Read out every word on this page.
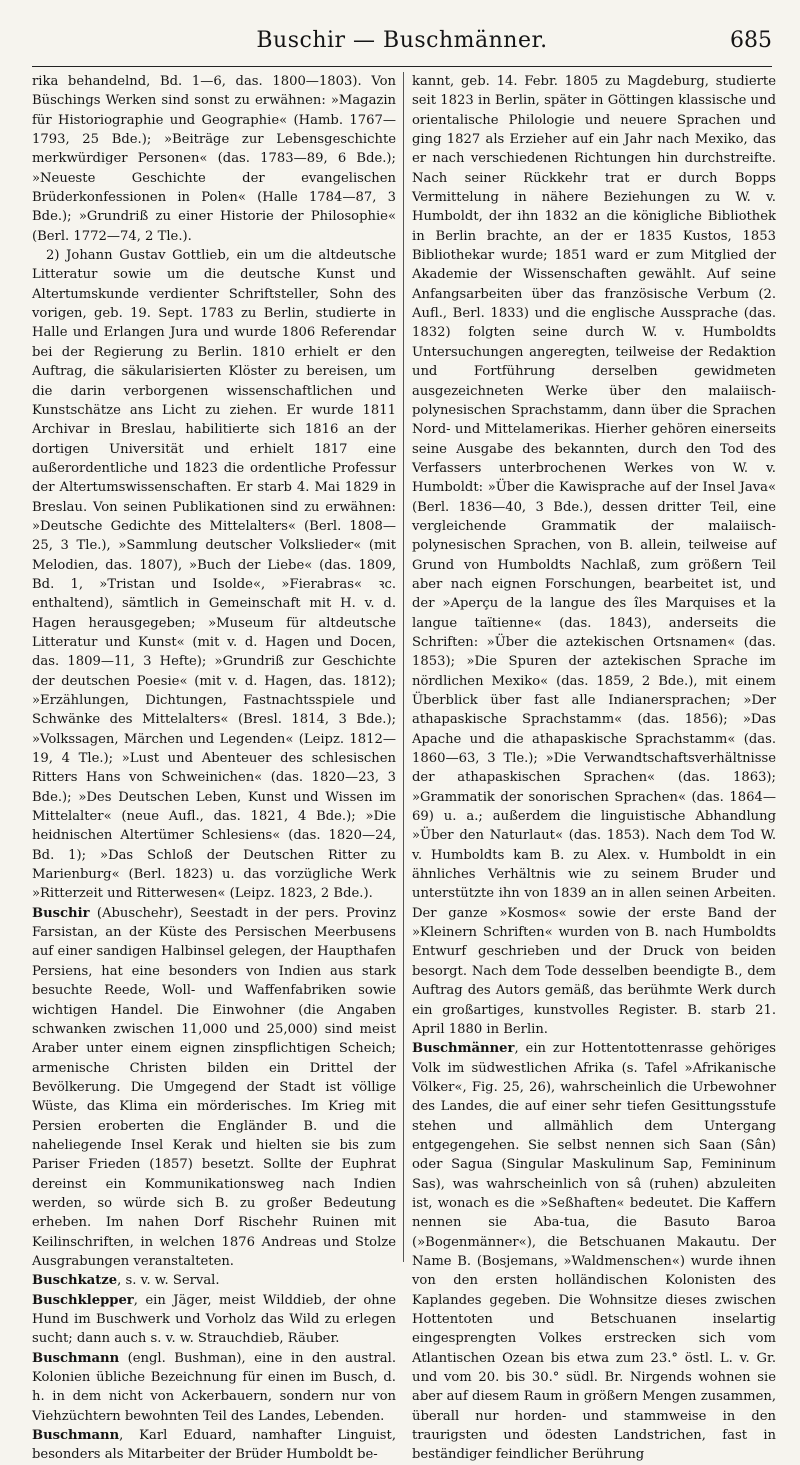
Buschir — Buschmänner.	685

rika behandelnd, Bd. 1—6, das. 1800—1803). Von Büschings Werken sind sonst zu erwähnen: »Magazin für Historiographie und Geographie« (Hamb. 1767—1793, 25 Bde.); »Beiträge zur Lebensgeschichte merkwürdiger Personen« (das. 1783—89, 6 Bde.); »Neueste Geschichte der evangelischen Brüderkonfessionen in Polen« (Halle 1784—87, 3 Bde.); »Grundriß zu einer Historie der Philosophie« (Berl. 1772—74, 2 Tle.).

2) Johann Gustav Gottlieb, ein um die altdeutsche Litteratur sowie um die deutsche Kunst und Altertumskunde verdienter Schriftsteller, Sohn des vorigen, geb. 19. Sept. 1783 zu Berlin, studierte in Halle und Erlangen Jura und wurde 1806 Referendar bei der Regierung zu Berlin. 1810 erhielt er den Auftrag, die säkularisierten Klöster zu bereisen, um die darin verborgenen wissenschaftlichen und Kunstschätze ans Licht zu ziehen. Er wurde 1811 Archivar in Breslau, habilitierte sich 1816 an der dortigen Universität und erhielt 1817 eine außerordentliche und 1823 die ordentliche Professur der Altertumswissenschaften. Er starb 4. Mai 1829 in Breslau. Von seinen Publikationen sind zu erwähnen: »Deutsche Gedichte des Mittelalters« (Berl. 1808—25, 3 Tle.), »Sammlung deutscher Volkslieder« (mit Melodien, das. 1807), »Buch der Liebe« (das. 1809, Bd. 1, »Tristan und Isolde«, »Fierabras« ꝛc. enthaltend), sämtlich in Gemeinschaft mit H. v. d. Hagen herausgegeben; »Museum für altdeutsche Litteratur und Kunst« (mit v. d. Hagen und Docen, das. 1809—11, 3 Hefte); »Grundriß zur Geschichte der deutschen Poesie« (mit v. d. Hagen, das. 1812); »Erzählungen, Dichtungen, Fastnachtsspiele und Schwänke des Mittelalters« (Bresl. 1814, 3 Bde.); »Volkssagen, Märchen und Legenden« (Leipz. 1812—19, 4 Tle.); »Lust und Abenteuer des schlesischen Ritters Hans von Schweinichen« (das. 1820—23, 3 Bde.); »Des Deutschen Leben, Kunst und Wissen im Mittelalter« (neue Aufl., das. 1821, 4 Bde.); »Die heidnischen Altertümer Schlesiens« (das. 1820—24, Bd. 1); »Das Schloß der Deutschen Ritter zu Marienburg« (Berl. 1823) u. das vorzügliche Werk »Ritterzeit und Ritterwesen« (Leipz. 1823, 2 Bde.).

Buschir (Abuschehr), Seestadt in der pers. Provinz Farsistan, an der Küste des Persischen Meerbusens auf einer sandigen Halbinsel gelegen, der Haupthafen Persiens, hat eine besonders von Indien aus stark besuchte Reede, Woll- und Waffenfabriken sowie wichtigen Handel. Die Einwohner (die Angaben schwanken zwischen 11,000 und 25,000) sind meist Araber unter einem eignen zinspflichtigen Scheich; armenische Christen bilden ein Drittel der Bevölkerung. Die Umgegend der Stadt ist völlige Wüste, das Klima ein mörderisches. Im Krieg mit Persien eroberten die Engländer B. und die naheliegende Insel Kerak und hielten sie bis zum Pariser Frieden (1857) besetzt. Sollte der Euphrat dereinst ein Kommunikationsweg nach Indien werden, so würde sich B. zu großer Bedeutung erheben. Im nahen Dorf Rischehr Ruinen mit Keilinschriften, in welchen 1876 Andreas und Stolze Ausgrabungen veranstalteten.

Buschkatze, s. v. w. Serval.

Buschklepper, ein Jäger, meist Wilddieb, der ohne Hund im Buschwerk und Vorholz das Wild zu erlegen sucht; dann auch s. v. w. Strauchdieb, Räuber.

Buschmann (engl. Bushman), eine in den austral. Kolonien übliche Bezeichnung für einen im Busch, d. h. in dem nicht von Ackerbauern, sondern nur von Viehzüchtern bewohnten Teil des Landes, Lebenden.

Buschmann, Karl Eduard, namhafter Linguist, besonders als Mitarbeiter der Brüder Humboldt be-

kannt, geb. 14. Febr. 1805 zu Magdeburg, studierte seit 1823 in Berlin, später in Göttingen klassische und orientalische Philologie und neuere Sprachen und ging 1827 als Erzieher auf ein Jahr nach Mexiko, das er nach verschiedenen Richtungen hin durchstreifte. Nach seiner Rückkehr trat er durch Bopps Vermittelung in nähere Beziehungen zu W. v. Humboldt, der ihn 1832 an die königliche Bibliothek in Berlin brachte, an der er 1835 Kustos, 1853 Bibliothekar wurde; 1851 ward er zum Mitglied der Akademie der Wissenschaften gewählt. Auf seine Anfangsarbeiten über das französische Verbum (2. Aufl., Berl. 1833) und die englische Aussprache (das. 1832) folgten seine durch W. v. Humboldts Untersuchungen angeregten, teilweise der Redaktion und Fortführung derselben gewidmeten ausgezeichneten Werke über den malaiisch-polynesischen Sprachstamm, dann über die Sprachen Nord- und Mittelamerikas. Hierher gehören einerseits seine Ausgabe des bekannten, durch den Tod des Verfassers unterbrochenen Werkes von W. v. Humboldt: »Über die Kawisprache auf der Insel Java« (Berl. 1836—40, 3 Bde.), dessen dritter Teil, eine vergleichende Grammatik der malaiisch-polynesischen Sprachen, von B. allein, teilweise auf Grund von Humboldts Nachlaß, zum größern Teil aber nach eignen Forschungen, bearbeitet ist, und der »Aperçu de la langue des îles Marquises et la langue taïtienne« (das. 1843), anderseits die Schriften: »Über die aztekischen Ortsnamen« (das. 1853); »Die Spuren der aztekischen Sprache im nördlichen Mexiko« (das. 1859, 2 Bde.), mit einem Überblick über fast alle Indianersprachen; »Der athapaskische Sprachstamm« (das. 1856); »Das Apache und die athapaskische Sprachstamm« (das. 1860—63, 3 Tle.); »Die Verwandtschaftsverhältnisse der athapaskischen Sprachen« (das. 1863); »Grammatik der sonorischen Sprachen« (das. 1864—69) u. a.; außerdem die linguistische Abhandlung »Über den Naturlaut« (das. 1853). Nach dem Tod W. v. Humboldts kam B. zu Alex. v. Humboldt in ein ähnliches Verhältnis wie zu seinem Bruder und unterstützte ihn von 1839 an in allen seinen Arbeiten. Der ganze »Kosmos« sowie der erste Band der »Kleinern Schriften« wurden von B. nach Humboldts Entwurf geschrieben und der Druck von beiden besorgt. Nach dem Tode desselben beendigte B., dem Auftrag des Autors gemäß, das berühmte Werk durch ein großartiges, kunstvolles Register. B. starb 21. April 1880 in Berlin.

Buschmänner, ein zur Hottentottenrasse gehöriges Volk im südwestlichen Afrika (s. Tafel »Afrikanische Völker«, Fig. 25, 26), wahrscheinlich die Urbewohner des Landes, die auf einer sehr tiefen Gesittungsstufe stehen und allmählich dem Untergang entgegengehen. Sie selbst nennen sich Saan (Sân) oder Sagua (Singular Maskulinum Sap, Femininum Sas), was wahrscheinlich von sâ (ruhen) abzuleiten ist, wonach es die »Seßhaften« bedeutet. Die Kaffern nennen sie Aba-tua, die Basuto Baroa (»Bogenmänner«), die Betschuanen Makautu. Der Name B. (Bosjemans, »Waldmenschen«) wurde ihnen von den ersten holländischen Kolonisten des Kaplandes gegeben. Die Wohnsitze dieses zwischen Hottentoten und Betschuanen inselartig eingesprengten Volkes erstrecken sich vom Atlantischen Ozean bis etwa zum 23.° östl. L. v. Gr. und vom 20. bis 30.° südl. Br. Nirgends wohnen sie aber auf diesem Raum in größern Mengen zusammen, überall nur horden- und stammweise in den traurigsten und ödesten Landstrichen, fast in beständiger feindlicher Berührung
